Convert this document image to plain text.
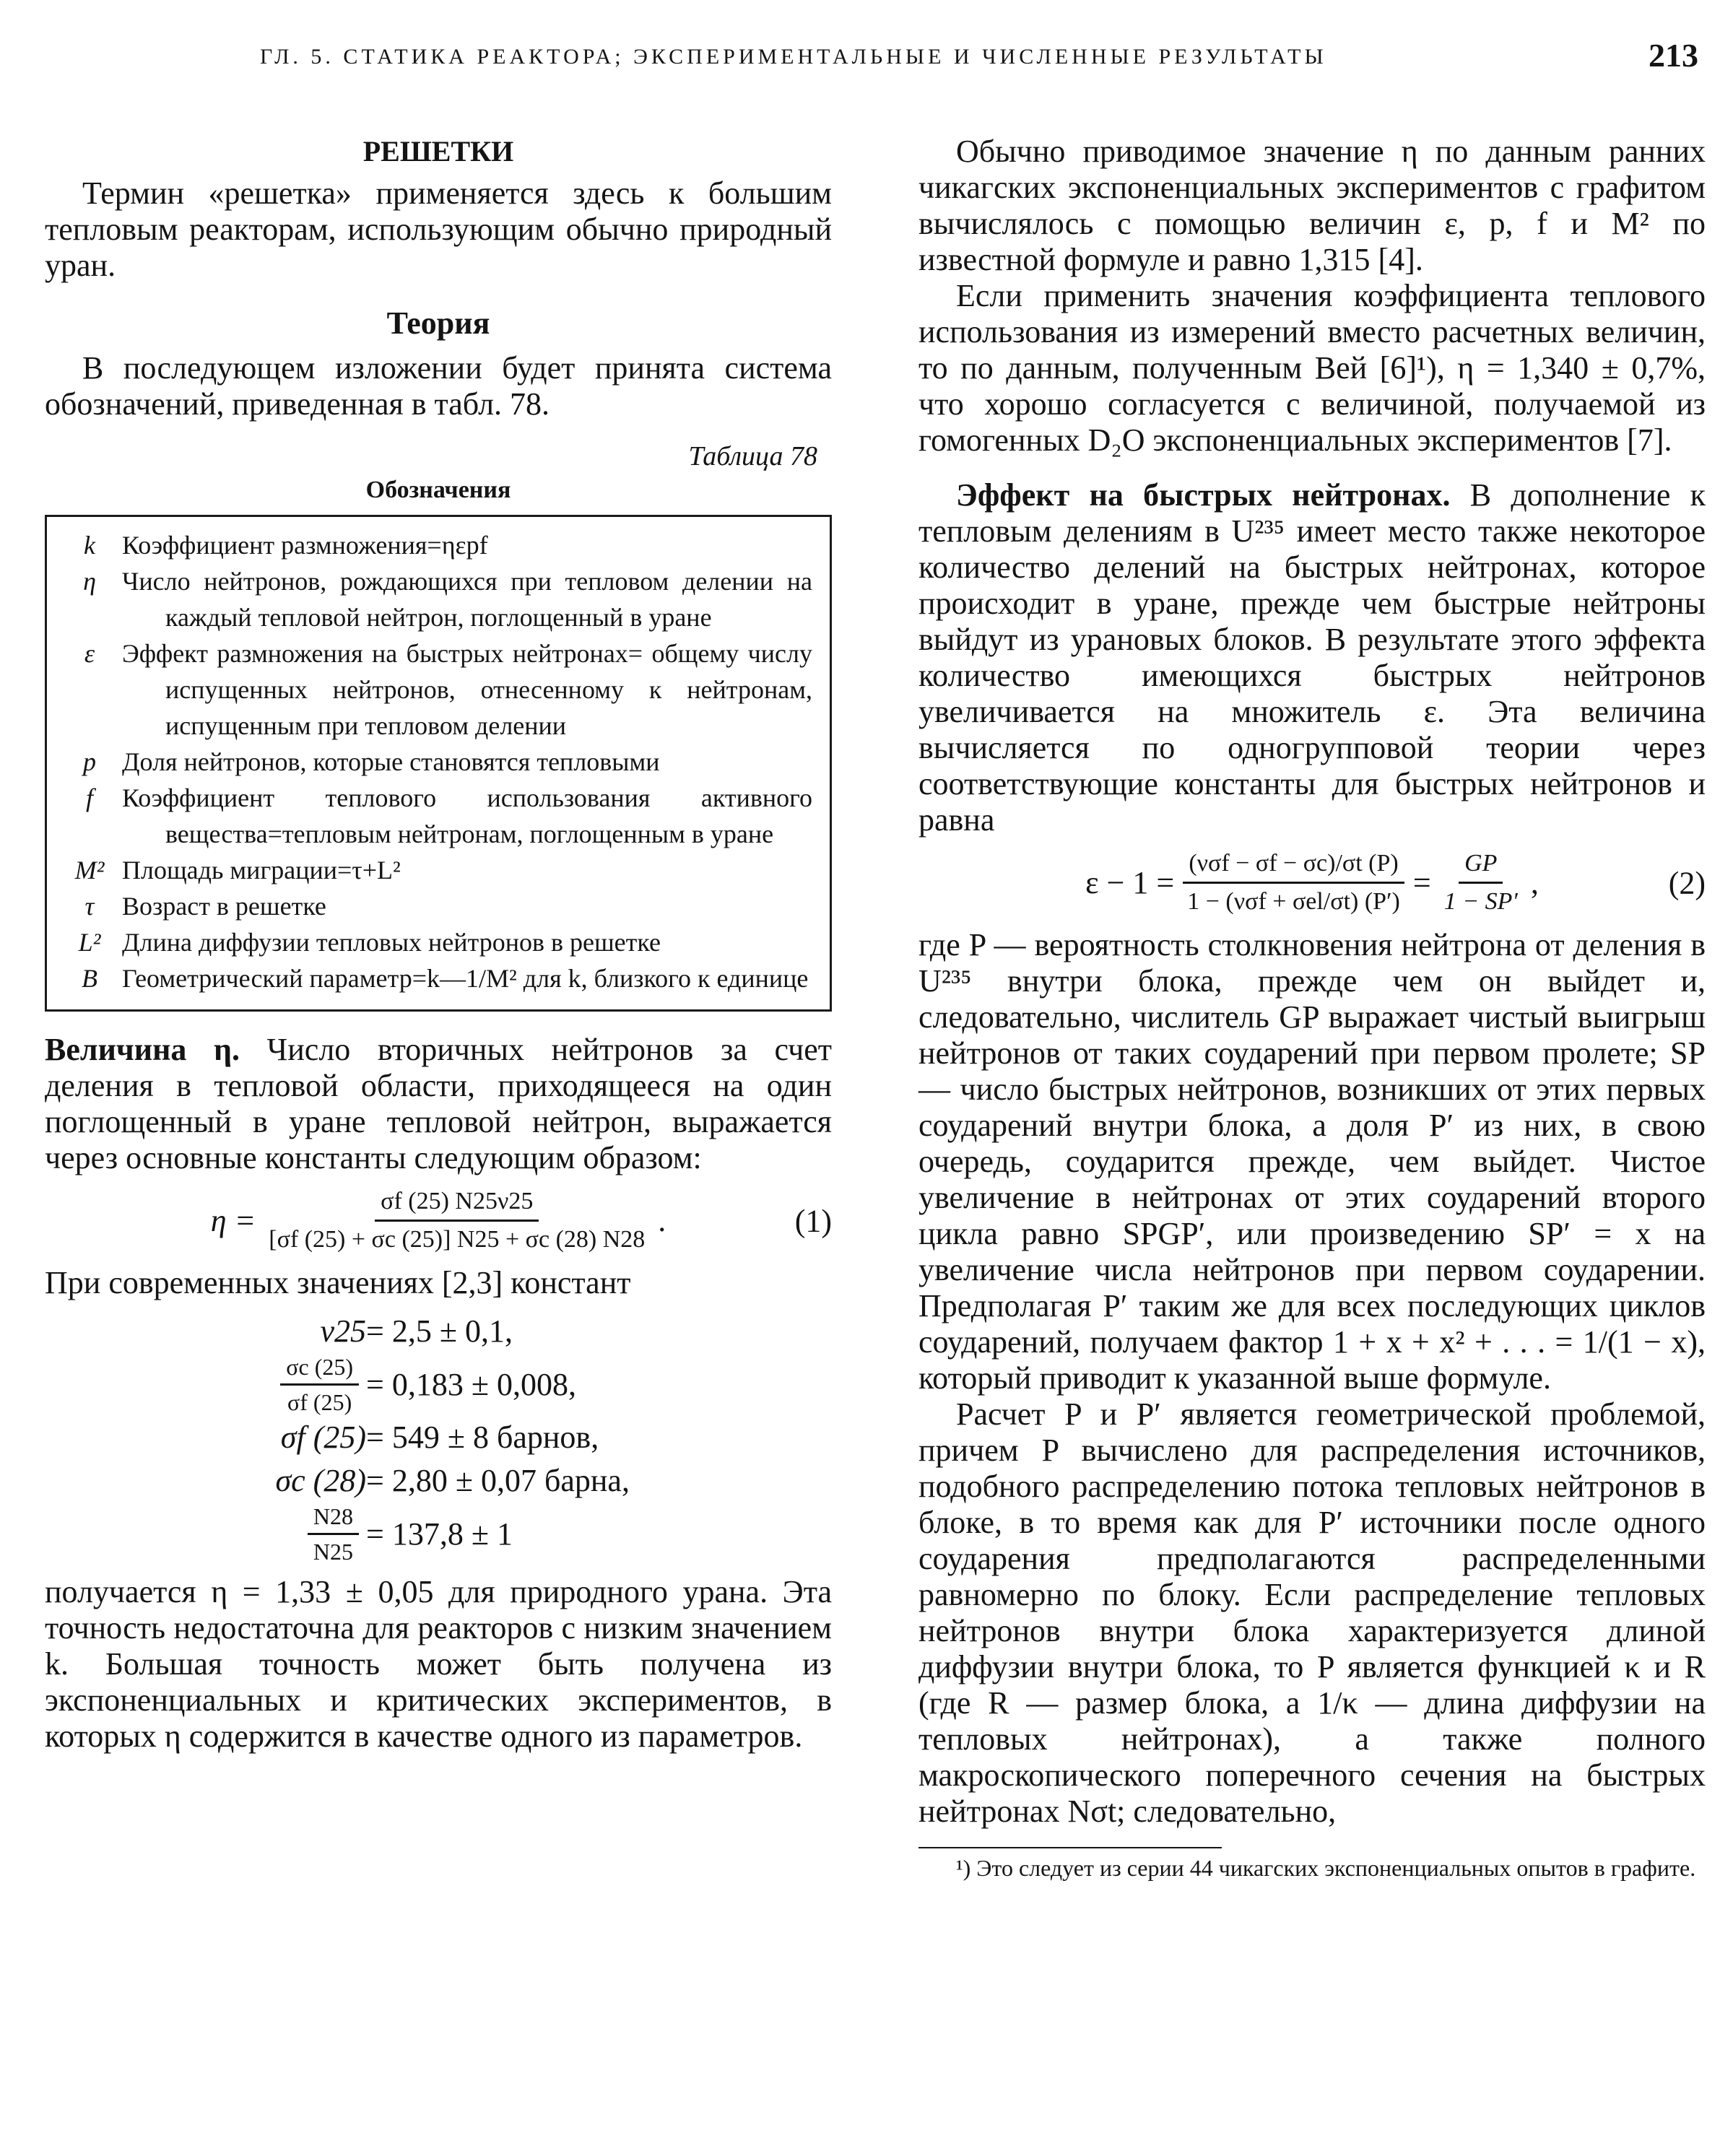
ГЛ. 5. СТАТИКА РЕАКТОРА; ЭКСПЕРИМЕНТАЛЬНЫЕ И ЧИСЛЕННЫЕ РЕЗУЛЬТАТЫ	213
РЕШЕТКИ

Термин «решетка» применяется здесь к большим тепловым реакторам, использующим обычно природный уран.

Теория

В последующем изложении будет принята система обозначений, приведенная в табл. 78.

Таблица 78
Обозначения
k	Коэффициент размножения=ηεpf
η	Число нейтронов, рождающихся при тепловом делении на каждый тепловой нейтрон, поглощенный в уране
ε	Эффект размножения на быстрых нейтронах= общему числу испущенных нейтронов, отнесенному к нейтронам, испущенным при тепловом делении
p	Доля нейтронов, которые становятся тепловыми
f	Коэффициент теплового использования активного вещества=тепловым нейтронам, поглощенным в уране
M² Площадь миграции=τ+L²
τ	Возраст в решетке
L² Длина диффузии тепловых нейтронов в решетке
B Геометрический параметр=k—1/M² для k, близкого к единице

Величина η. Число вторичных нейтронов за счет деления в тепловой области, приходящееся на один поглощенный в уране тепловой нейтрон, выражается через основные константы следующим образом:

$\eta = \frac{\sigma f (25) N25\nu 25}{[\sigma f (25) + \sigma c (25)] N25 + \sigma c (28) N28}$ .	(1)

При современных значениях [2,3] констант

ν25 = 2,5 ± 0,1,
$\frac{\sigma c (25)}{\sigma f (25)} = 0,183 \pm 0,008$,
σf (25) = 549 ± 8 барнов,
σc (28) = 2,80 ± 0,07 барна,
$\frac{N28}{N25} = 137,8 \pm 1$

получается η = 1,33 ± 0,05 для природного урана. Эта точность недостаточна для реакторов с низким значением k. Большая точность может быть получена из экспоненциальных и критических экспериментов, в которых η содержится в качестве одного из параметров.

Обычно приводимое значение η по данным ранних чикагских экспоненциальных экспериментов с графитом вычислялось с помощью величин ε, p, f и M² по известной формуле и равно 1,315 [4].

Если применить значения коэффициента теплового использования из измерений вместо расчетных величин, то по данным, полученным Вей [6]¹), η = 1,340 ± 0,7%, что хорошо согласуется с величиной, получаемой из гомогенных D₂O экспоненциальных экспериментов [7].

Эффект на быстрых нейтронах. В дополнение к тепловым делениям в U²³⁵ имеет место также некоторое количество делений на быстрых нейтронах, которое происходит в уране, прежде чем быстрые нейтроны выйдут из урановых блоков. В результате этого эффекта количество имеющихся быстрых нейтронов увеличивается на множитель ε. Эта величина вычисляется по одногрупповой теории через соответствующие константы для быстрых нейтронов и равна

$\varepsilon - 1 = \frac{\text{(νσf − σf − σc)/σt (P)}}{\text{1 − (νσf + σel/σt) (P′)}} = \frac{GP}{1 - SP'}$ ,	(2)

где P — вероятность столкновения нейтрона от деления в U²³⁵ внутри блока, прежде чем он выйдет и, следовательно, числитель GP выражает чистый выигрыш нейтронов от таких соударений при первом пролете; SP — число быстрых нейтронов, возникших от этих первых соударений внутри блока, а доля P′ из них, в свою очередь, соударится прежде, чем выйдет. Чистое увеличение в нейтронах от этих соударений второго цикла равно SPGP′, или произведению SP′ = x на увеличение числа нейтронов при первом соударении. Предполагая P′ таким же для всех последующих циклов соударений, получаем фактор 1 + x + x² + . . . = 1/(1 − x), который приводит к указанной выше формуле.

Расчет P и P′ является геометрической проблемой, причем P вычислено для распределения источников, подобного распределению потока тепловых нейтронов в блоке, в то время как для P′ источники после одного соударения предполагаются распределенными равномерно по блоку. Если распределение тепловых нейтронов внутри блока характеризуется длиной диффузии внутри блока, то P является функцией κ и R (где R — размер блока, а 1/κ — длина диффузии на тепловых нейтронах), а также полного макроскопического поперечного сечения на быстрых нейтронах Nσt; следовательно,

¹) Это следует из серии 44 чикагских экспоненциальных опытов в графите.
